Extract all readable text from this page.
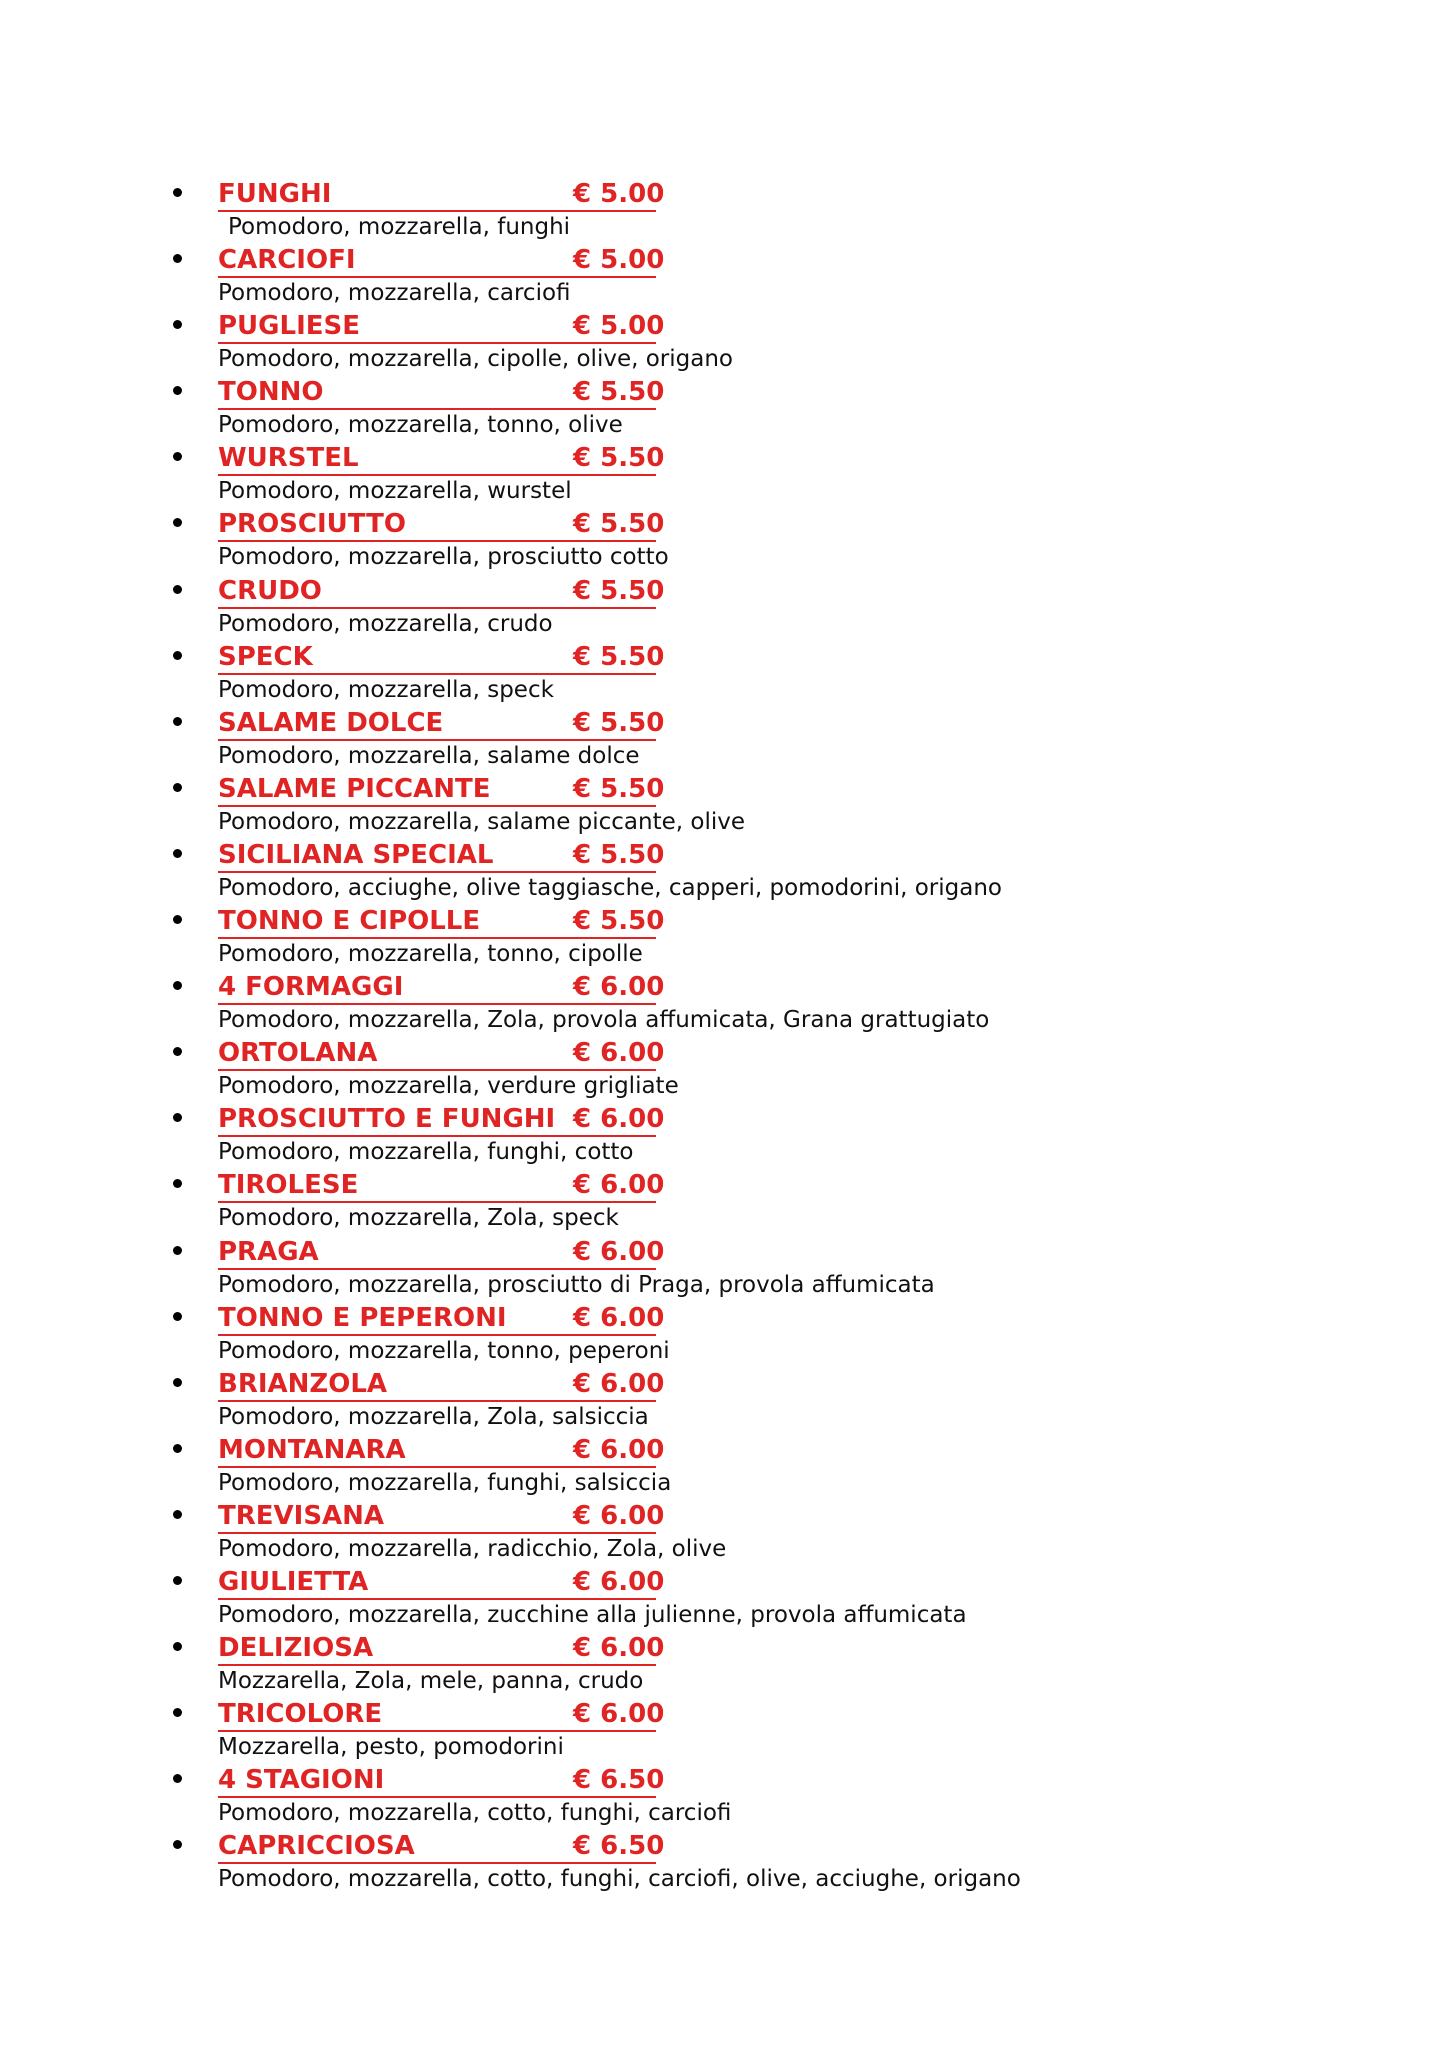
FUNGHI	€ 5.00
Pomodoro, mozzarella, funghi
CARCIOFI	€ 5.00
Pomodoro, mozzarella, carciofi
PUGLIESE	€ 5.00
Pomodoro, mozzarella, cipolle, olive, origano
TONNO	€ 5.50
Pomodoro, mozzarella, tonno, olive
WURSTEL	€ 5.50
Pomodoro, mozzarella, wurstel
PROSCIUTTO	€ 5.50
Pomodoro, mozzarella, prosciutto cotto
CRUDO	€ 5.50
Pomodoro, mozzarella, crudo
SPECK	€ 5.50
Pomodoro, mozzarella, speck
SALAME DOLCE	€ 5.50
Pomodoro, mozzarella, salame dolce
SALAME PICCANTE	€ 5.50
Pomodoro, mozzarella, salame piccante, olive
SICILIANA SPECIAL	€ 5.50
Pomodoro, acciughe, olive taggiasche, capperi, pomodorini, origano
TONNO E CIPOLLE	€ 5.50
Pomodoro, mozzarella, tonno, cipolle
4 FORMAGGI	€ 6.00
Pomodoro, mozzarella, Zola, provola affumicata, Grana grattugiato
ORTOLANA	€ 6.00
Pomodoro, mozzarella, verdure grigliate
PROSCIUTTO E FUNGHI € 6.00
Pomodoro, mozzarella, funghi, cotto
TIROLESE	€ 6.00
Pomodoro, mozzarella, Zola, speck
PRAGA	€ 6.00
Pomodoro, mozzarella, prosciutto di Praga, provola affumicata
TONNO E PEPERONI	€ 6.00
Pomodoro, mozzarella, tonno, peperoni
BRIANZOLA	€ 6.00
Pomodoro, mozzarella, Zola, salsiccia
MONTANARA	€ 6.00
Pomodoro, mozzarella, funghi, salsiccia
TREVISANA	€ 6.00
Pomodoro, mozzarella, radicchio, Zola, olive
GIULIETTA	€ 6.00
Pomodoro, mozzarella, zucchine alla julienne, provola affumicata
DELIZIOSA	€ 6.00
Mozzarella, Zola, mele, panna, crudo
TRICOLORE	€ 6.00
Mozzarella, pesto, pomodorini
4 STAGIONI	€ 6.50
Pomodoro, mozzarella, cotto, funghi, carciofi
CAPRICCIOSA	€ 6.50
Pomodoro, mozzarella, cotto, funghi, carciofi, olive, acciughe, origano
